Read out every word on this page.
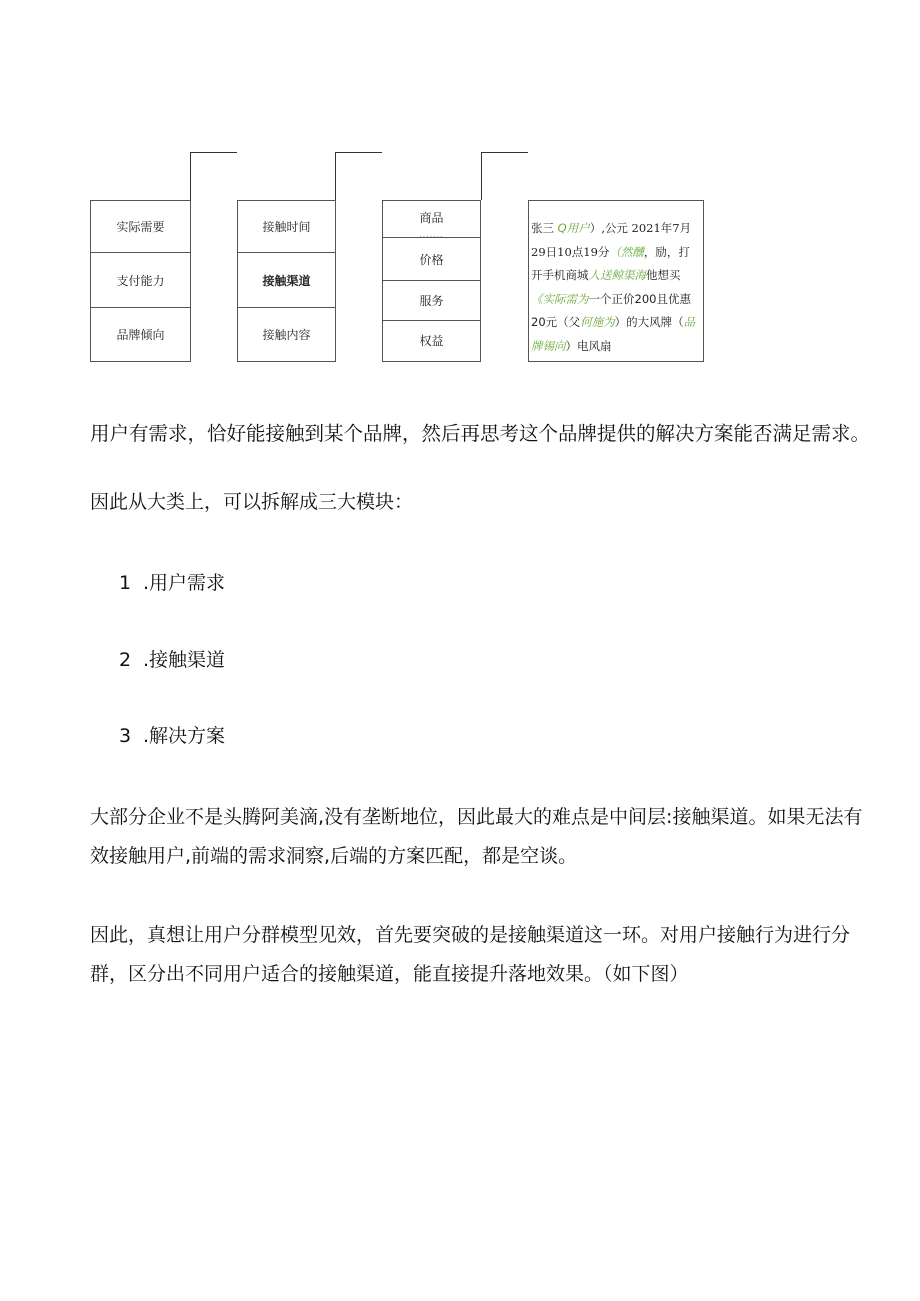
实际需要
支付能力
品牌倾向
接触时间
接触渠道
接触内容
商品
.......
价格
服务
权益
张三 Q用户）,公元 2021年7月29日10点19分（然醺，励，打开手机商城人送鲸渠海他想买《实际需为一个正价200且优惠20元（父何施为）的大风牌（品牌锡向）电风扇
用户有需求，恰好能接触到某个品牌，然后再思考这个品牌提供的解决方案能否满足需求。
因此从大类上，可以拆解成三大模块：
1 .用户需求
2 .接触渠道
3 .解决方案
大部分企业不是头腾阿美滴,没有垄断地位，因此最大的难点是中间层:接触渠道。如果无法有效接触用户,前端的需求洞察,后端的方案匹配，都是空谈。
因此，真想让用户分群模型见效，首先要突破的是接触渠道这一环。对用户接触行为进行分群，区分出不同用户适合的接触渠道，能直接提升落地效果。（如下图）
